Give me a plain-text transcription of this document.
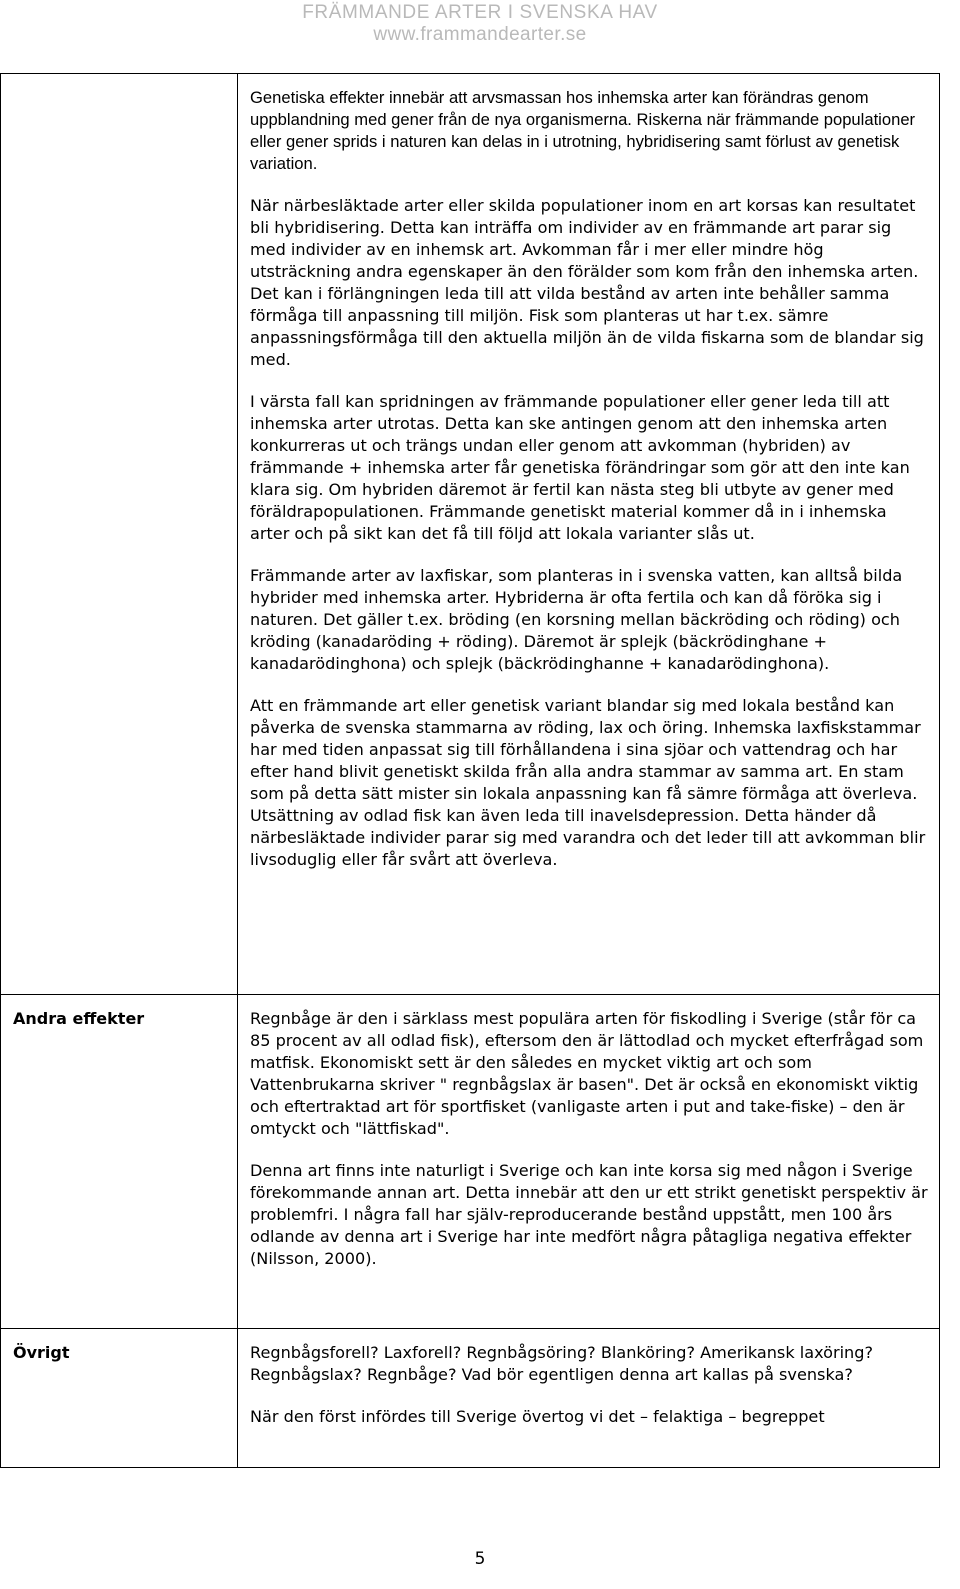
FRÄMMANDE ARTER I SVENSKA HAV
www.frammandearter.se

	Genetiska effekter innebär att arvsmassan hos inhemska arter kan förändras genom uppblandning med gener från de nya organismerna. Riskerna när främmande populationer eller gener sprids i naturen kan delas in i utrotning, hybridisering samt förlust av genetisk variation.

När närbesläktade arter eller skilda populationer inom en art korsas kan resultatet bli hybridisering. Detta kan inträffa om individer av en främmande art parar sig med individer av en inhemsk art. Avkomman får i mer eller mindre hög utsträckning andra egenskaper än den förälder som kom från den inhemska arten. Det kan i förlängningen leda till att vilda bestånd av arten inte behåller samma förmåga till anpassning till miljön. Fisk som planteras ut har t.ex. sämre anpassningsförmåga till den aktuella miljön än de vilda fiskarna som de blandar sig med.

I värsta fall kan spridningen av främmande populationer eller gener leda till att inhemska arter utrotas. Detta kan ske antingen genom att den inhemska arten konkurreras ut och trängs undan eller genom att avkomman (hybriden) av främmande + inhemska arter får genetiska förändringar som gör att den inte kan klara sig. Om hybriden däremot är fertil kan nästa steg bli utbyte av gener med föräldrapopulationen. Främmande genetiskt material kommer då in i inhemska arter och på sikt kan det få till följd att lokala varianter slås ut.

Främmande arter av laxfiskar, som planteras in i svenska vatten, kan alltså bilda hybrider med inhemska arter. Hybriderna är ofta fertila och kan då föröka sig i naturen. Det gäller t.ex. bröding (en korsning mellan bäckröding och röding) och kröding (kanadaröding + röding). Däremot är splejk (bäckrödinghane + kanadarödinghona) och splejk (bäckrödinghanne + kanadarödinghona).

Att en främmande art eller genetisk variant blandar sig med lokala bestånd kan påverka de svenska stammarna av röding, lax och öring. Inhemska laxfiskstammar har med tiden anpassat sig till förhållandena i sina sjöar och vattendrag och har efter hand blivit genetiskt skilda från alla andra stammar av samma art. En stam som på detta sätt mister sin lokala anpassning kan få sämre förmåga att överleva. Utsättning av odlad fisk kan även leda till inavelsdepression. Detta händer då närbesläktade individer parar sig med varandra och det leder till att avkomman blir livsoduglig eller får svårt att överleva.

Andra effekter	Regnbåge är den i särklass mest populära arten för fiskodling i Sverige (står för ca 85 procent av all odlad fisk), eftersom den är lättodlad och mycket efterfrågad som matfisk. Ekonomiskt sett är den således en mycket viktig art och som Vattenbrukarna skriver " regnbågslax är basen". Det är också en ekonomiskt viktig och eftertraktad art för sportfisket (vanligaste arten i put and take-fiske) – den är omtyckt och "lättfiskad".

Denna art finns inte naturligt i Sverige och kan inte korsa sig med någon i Sverige förekommande annan art. Detta innebär att den ur ett strikt genetiskt perspektiv är problemfri. I några fall har själv-reproducerande bestånd uppstått, men 100 års odlande av denna art i Sverige har inte medfört några påtagliga negativa effekter (Nilsson, 2000).

Övrigt	Regnbågsforell? Laxforell? Regnbågsöring? Blanköring? Amerikansk laxöring? Regnbågslax? Regnbåge? Vad bör egentligen denna art kallas på svenska?

När den först infördes till Sverige övertog vi det – felaktiga – begreppet

5
